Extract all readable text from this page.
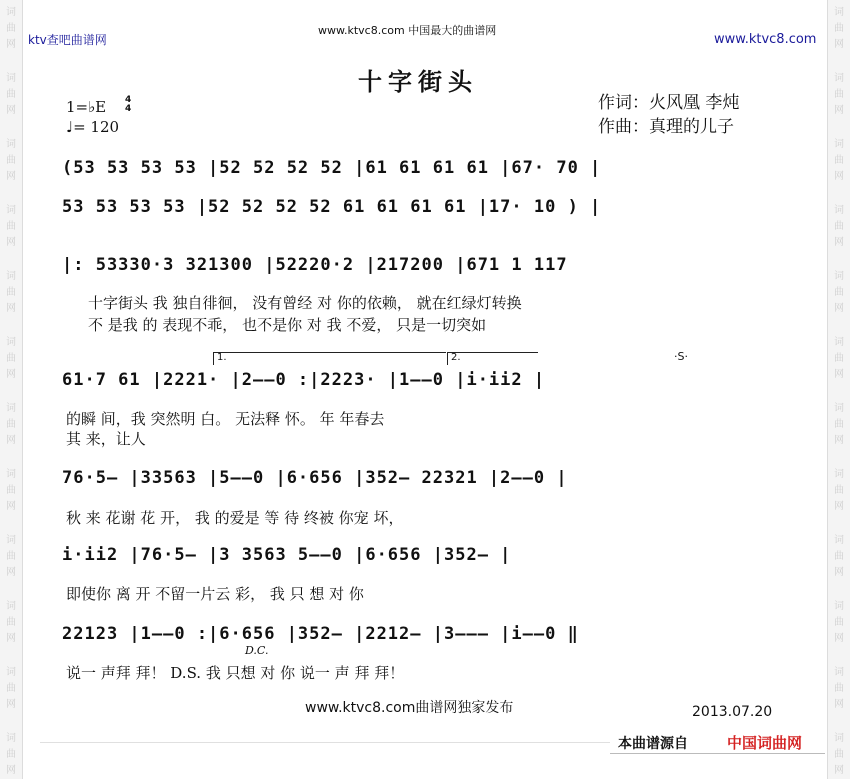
词
曲
网
词
曲
网
词
曲
网
词
曲
网
词
曲
网
词
曲
网
词
曲
网
词
曲
网
词
曲
网
词
曲
网
词
曲
网
词
曲
网
词
曲
网
词
曲
网
词
曲
网
词
曲
网
词
曲
网
词
曲
网
词
曲
网
词
曲
网
词
曲
网
词
曲
网
词
曲
网
词
曲
网
ktv查吧曲谱网
www.ktvc8.com 中国最大的曲谱网
www.ktvc8.com
十字街头
作词：火风凰 李炖
作曲：真理的儿子
1=♭E 4
4
♩= 120
(53 53 53 53 |52 52 52 52 |61 61 61 61 |67· 70 |
53 53 53 53 |52 52 52 52 61 61 61 61 |17· 10 ) |
|: 53330·3 321300 |52220·2 |217200 |671 1 117
十字街头 我 独自徘徊， 没有曾经 对 你的依赖， 就在红绿灯转换
不 是我 的 表现不乖， 也不是你 对 我 不爱， 只是一切突如
1.	2.	·S·
61·7 61 |2221· |2——0 :|2223· |1——0 |i·ii2 |
的瞬 间，我 突然明 白。 无法释 怀。 年 年春去
其 来，让人
76·5— |33563 |5——0 |6·656 |352— 22321 |2——0 |
秋 来 花谢 花 开， 我 的爱是 等 待 终被 你宠 坏，
i·ii2 |76·5— |3 3563 5——0 |6·656 |352— |
即使你 离 开 不留一片云 彩， 我 只 想 对 你
22123 |1——0 :|6·656 |352— |2212— |3——— |i——0 ‖
D.C.
说一 声拜 拜！ D.S. 我 只想 对 你 说一 声 拜 拜！
www.ktvc8.com曲谱网独家发布	2013.07.20
本曲谱源自	中国词曲网
